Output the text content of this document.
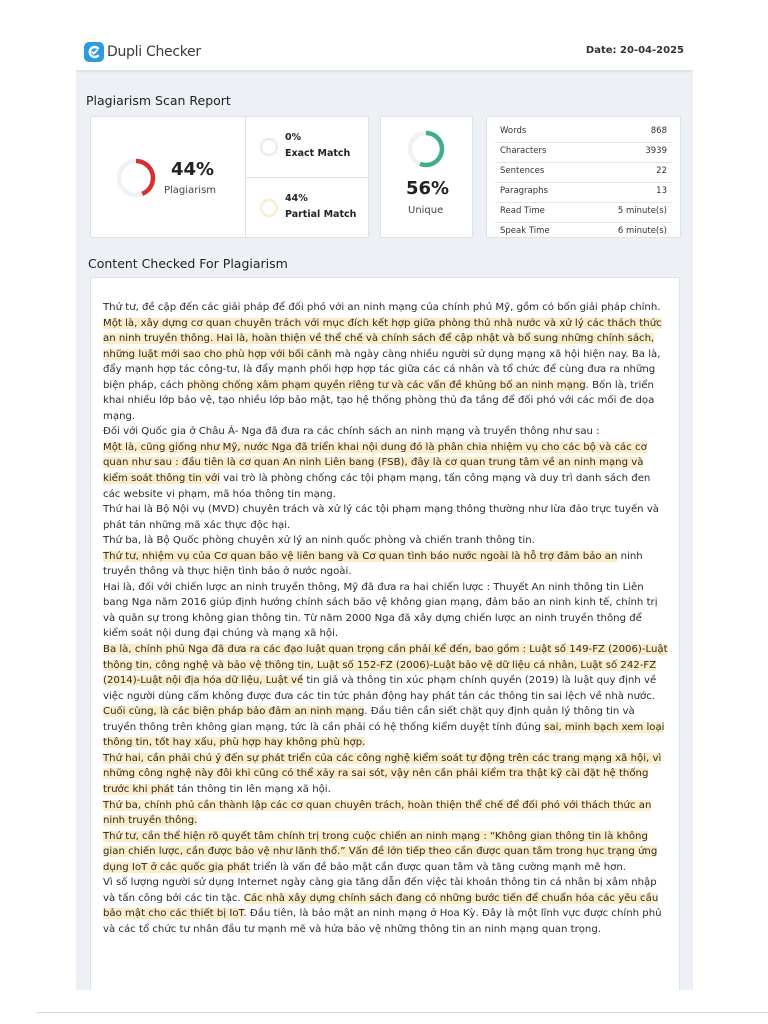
Dupli Checker	Date: 20-04-2025
Plagiarism Scan Report
44%
Plagiarism
0%
Exact Match
44%
Partial Match
56%
Unique
Words	868
Characters	3939
Sentences	22
Paragraphs	13
Read Time	5 minute(s)
Speak Time	6 minute(s)
Content Checked For Plagiarism

Thứ tư, đề cập đến các giải pháp để đối phó với an ninh mạng của chính phủ Mỹ, gồm có bốn giải pháp chính. Một là, xây dựng cơ quan chuyên trách với mục đích kết hợp giữa phòng thủ nhà nước và xử lý các thách thức an ninh truyền thông. Hai là, hoàn thiện về thể chế và chính sách để cập nhật và bổ sung những chính sách, những luật mới sao cho phù hợp với bối cảnh mà ngày càng nhiều người sử dụng mạng xã hội hiện nay. Ba là, đẩy mạnh hợp tác công-tư, là đẩy mạnh phối hợp hợp tác giữa các cá nhân và tổ chức để cùng đưa ra những biện pháp, cách phòng chống xâm phạm quyền riêng tư và các vấn đề khủng bố an ninh mạng. Bốn là, triển khai nhiều lớp bảo vệ, tạo nhiều lớp bảo mật, tạo hệ thống phòng thủ đa tầng để đối phó với các mối đe dọa mạng.

Đối với Quốc gia ở Châu Á- Nga đã đưa ra các chính sách an ninh mạng và truyền thông như sau :

Một là, cũng giống như Mỹ, nước Nga đã triển khai nội dung đó là phân chia nhiệm vụ cho các bộ và các cơ quan như sau : đầu tiên là cơ quan An ninh Liên bang (FSB), đây là cơ quan trung tâm về an ninh mạng và kiểm soát thông tin với vai trò là phòng chống các tội phạm mạng, tấn công mạng và duy trì danh sách đen các website vi phạm, mã hóa thông tin mạng.

Thứ hai là Bộ Nội vụ (MVD) chuyên trách và xử lý các tội phạm mạng thông thường như lừa đảo trực tuyến và phát tán những mã xác thực độc hại.

Thứ ba, là Bộ Quốc phòng chuyên xử lý an ninh quốc phòng và chiến tranh thông tin.

Thứ tư, nhiệm vụ của Cơ quan bảo vệ liên bang và Cơ quan tình báo nước ngoài là hỗ trợ đảm bảo an ninh truyền thông và thực hiện tình báo ở nước ngoài.

Hai là, đối với chiến lược an ninh truyền thông, Mỹ đã đưa ra hai chiến lược : Thuyết An ninh thông tin Liên bang Nga năm 2016 giúp định hướng chính sách bảo vệ không gian mạng, đảm bảo an ninh kinh tế, chính trị và quân sự trong không gian thông tin. Từ năm 2000 Nga đã xây dựng chiến lược an ninh truyền thông để kiểm soát nội dung đại chúng và mạng xã hội.

Ba là, chính phủ Nga đã đưa ra các đạo luật quan trọng cần phải kể đến, bao gồm : Luật số 149-FZ (2006)-Luật thông tin, công nghệ và bảo vệ thông tin, Luật số 152-FZ (2006)-Luật bảo vệ dữ liệu cá nhân, Luật số 242-FZ (2014)-Luật nội địa hóa dữ liệu, Luật về tin giả và thông tin xúc phạm chính quyền (2019) là luật quy định về việc người dùng cấm không được đưa các tin tức phản động hay phát tán các thông tin sai lệch về nhà nước.

Cuối cùng, là các biện pháp bảo đảm an ninh mạng. Đầu tiên cần siết chặt quy định quản lý thông tin và truyền thông trên không gian mạng, tức là cần phải có hệ thống kiểm duyệt tính đúng sai, minh bạch xem loại thông tin, tốt hay xấu, phù hợp hay không phù hợp.

Thứ hai, cần phải chú ý đến sự phát triển của các công nghệ kiểm soát tự động trên các trang mạng xã hội, vì những công nghệ này đôi khi cũng có thể xảy ra sai sót, vậy nên cần phải kiểm tra thật kỹ cài đặt hệ thống trước khi phát tán thông tin lên mạng xã hội.

Thứ ba, chính phủ cần thành lập các cơ quan chuyên trách, hoàn thiện thể chế để đối phó với thách thức an ninh truyền thông.

Thứ tư, cần thể hiện rõ quyết tâm chính trị trong cuộc chiến an ninh mạng : “Không gian thông tin là không gian chiến lược, cần được bảo vệ như lãnh thổ.” Vấn đề lớn tiếp theo cần được quan tâm trong hục trạng ứng dụng IoT ở các quốc gia phát triển là vấn đề bảo mật cần được quan tâm và tăng cường mạnh mẽ hơn.

Vì số lượng người sử dụng Internet ngày càng gia tăng dẫn đến việc tài khoản thông tin cá nhân bị xâm nhập và tấn công bởi các tin tặc. Các nhà xây dựng chính sách đang có những bước tiến để chuẩn hóa các yêu cầu bảo mật cho các thiết bị IoT. Đầu tiên, là bảo mật an ninh mạng ở Hoa Kỳ. Đây là một lĩnh vực được chính phủ và các tổ chức tư nhân đầu tư mạnh mẽ và hứa bảo vệ những thông tin an ninh mạng quan trọng.
